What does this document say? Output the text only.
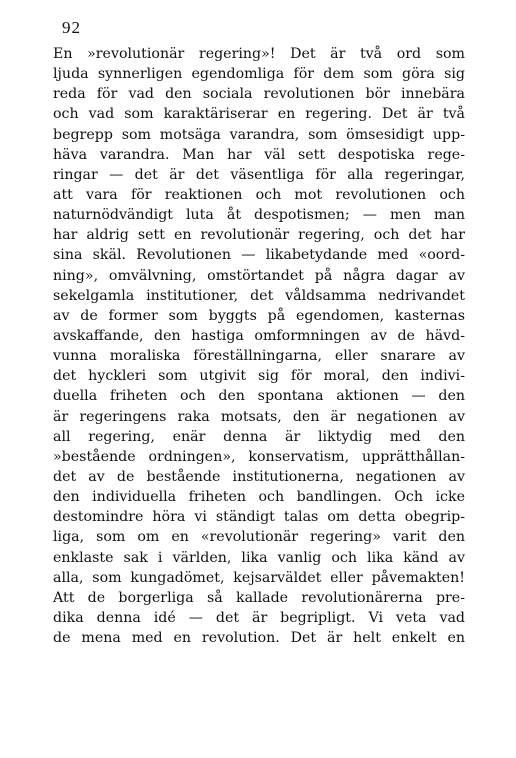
92
En »revolutionär regering»! Det är två ord som
ljuda synnerligen egendomliga för dem som göra sig
reda för vad den sociala revolutionen bör innebära
och vad som karaktäriserar en regering. Det är två
begrepp som motsäga varandra, som ömsesidigt upp-
häva varandra. Man har väl sett despotiska rege-
ringar — det är det väsentliga för alla regeringar,
att vara för reaktionen och mot revolutionen och
naturnödvändigt luta åt despotismen; — men man
har aldrig sett en revolutionär regering, och det har
sina skäl. Revolutionen — likabetydande med «oord-
ning», omvälvning, omstörtandet på några dagar av
sekelgamla institutioner, det våldsamma nedrivandet
av de former som byggts på egendomen, kasternas
avskaffande, den hastiga omformningen av de hävd-
vunna moraliska föreställningarna, eller snarare av
det hyckleri som utgivit sig för moral, den indivi-
duella friheten och den spontana aktionen — den
är regeringens raka motsats, den är negationen av
all regering, enär denna är liktydig med den
»bestående ordningen», konservatism, upprätthållan-
det av de bestående institutionerna, negationen av
den individuella friheten och bandlingen. Och icke
destomindre höra vi ständigt talas om detta obegrip-
liga, som om en «revolutionär regering» varit den
enklaste sak i världen, lika vanlig och lika känd av
alla, som kungadömet, kejsarväldet eller påvemakten!
Att de borgerliga så kallade revolutionärerna pre-
dika denna idé — det är begripligt. Vi veta vad
de mena med en revolution. Det är helt enkelt en
